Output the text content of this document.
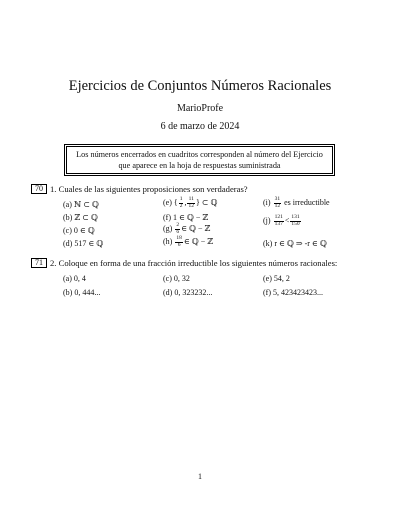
Ejercicios de Conjuntos Números Racionales
MarioProfe
6 de marzo de 2024
Los números encerrados en cuadritos corresponden al número del Ejercicio
que aparece en la hoja de respuestas suministrada
70 1. Cuales de las siguientes proposiciones son verdaderas?
(a) ℕ ⊂ ℚ
(b) ℤ ⊂ ℚ
(c) 0 ∈ ℚ
(d) 517 ∈ ℚ
(e) { $\frac{1}{2}$ , $\frac{11}{12}$ } ⊂ ℚ
(f) 1 ∈ ℚ − ℤ
$(g) \frac{2}{6}$ ∈ ℚ − ℤ
$(h) \frac{18}{6}$ ∈ ℚ − ℤ
$(i) \frac{31}{12}$ es irreductible
$(j) \frac{121}{137} < \frac{131}{150}$
(k) r ∈ ℚ ⇒ -r ∈ ℚ
71 2. Coloque en forma de una fracción irreductible los siguientes números racionales:
(a) 0, 4
(b) 0, 444...
(c) 0, 32
(d) 0, 323232...
(e) 54, 2
(f) 5, 423423423...
1
